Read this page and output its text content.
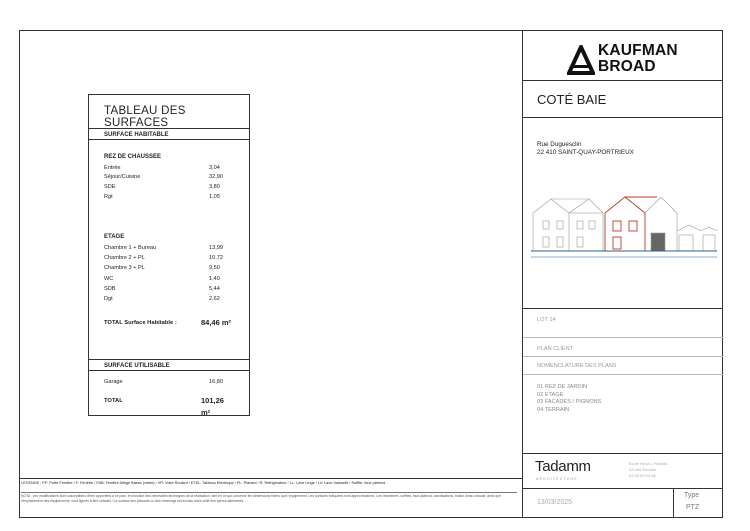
TABLEAU DES SURFACES
SURFACE HABITABLE
REZ DE CHAUSSEE
Entrée	3,04
Séjour/Cuisine	32,90
SDE	3,80
Rgt	1,05
ETAGE
Chambre 1 + Bureau	13,99
Chambre 2 + PL	10,72
Chambre 3 + PL	9,50
WC	1,40
SDB	5,44
Dgt	2,62
TOTAL Surface Habitable :	84,46 m²
SURFACE UTILISABLE
Garage	16,80
TOTAL	101,26 m²
KAUFMAN
BROAD
COTÉ BAIE
Rue Duguesclin
22 410 SAINT-QUAY-PORTRIEUX
LOT 14
PLAN CLIENT
NOMENCLATURE DES PLANS
01 REZ DE JARDIN
02 ETAGE
03 FACADES / PIGNONS
04 TERRAIN
Tadamm
ARCHITECTURE
Ecole Rosa L Paradis
33 000 Rennes
02 99 63 04 46
13/03/2025
Type
PTZ
LEGENDE : PF: Porte Fenêtre / F: Fenêtre / FAB: Fenêtre Allège Basse (vitrée) / VR: Volet Roulant / ETEL: Tableau Electrique / PL: Placard / R: Réfrigérateur / LL: Lave Linge / LV: Lave Vaisselle / Soffite, faux plafond
NOTA : ces modifications sont susceptibles d'être apportées à ce plan, en fonction des nécessités techniques de la réalisation, tant en ce qui concerne les dimensions fixées que l'équipement. Les surfaces indiquées sont approximatives. Les retombées, soffites, faux-plafond, canalisations, ballon d'eau chaude, ainsi que l'emplacement des équipements, sont figurés à titre indicatif / La surface des placards ou des dressings est incluse dans celle des pièces attenantes
